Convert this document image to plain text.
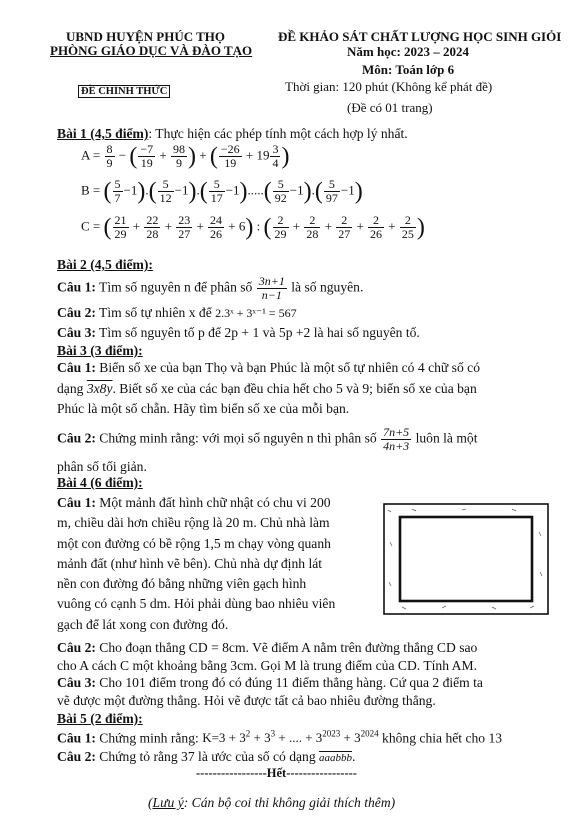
UBND HUYỆN PHÚC THỌ
PHÒNG GIÁO DỤC VÀ ĐÀO TẠO
ĐỀ CHÍNH THỨC
ĐỀ KHẢO SÁT CHẤT LƯỢNG HỌC SINH GIỎI
Năm học: 2023 – 2024
Môn: Toán lớp 6
Thời gian: 120 phút (Không kể phát đề)
(Đề có 01 trang)
Bài 1 (4,5 điểm): Thực hiện các phép tính một cách hợp lý nhất.
$A = \frac{8}{9}$ − ( $\frac{-7}{19} + \frac{98}{9}$ ) + ( $\frac{-26}{19} + 19 \frac{3}{4}$ )
B = ( $\frac{5}{7} -1).( \frac{5}{12} -1).( \frac{5}{17} -1).....( \frac{5}{92} -1).( \frac{5}{97} -1)$
C = ( $\frac{21}{29} + \frac{22}{28} + \frac{23}{27} + \frac{24}{26} + 6$) : ( $\frac{2}{29} + \frac{2}{28} + \frac{2}{27} + \frac{2}{26} + \frac{2}{25}$ )
Bài 2 (4,5 điểm):
Câu 1: Tìm số nguyên n để phân số $\frac{3n+1}{n-1}$ là số nguyên.
Câu 2: Tìm số tự nhiên x để 2.3ˣ + 3ˣ⁻¹ = 567
Câu 3: Tìm số nguyên tố p để 2p + 1 và 5p +2 là hai số nguyên tố.
Bài 3 (3 điểm):
Câu 1: Biển số xe của bạn Thọ và bạn Phúc là một số tự nhiên có 4 chữ số có
dạng 3x8y. Biết số xe của các bạn đều chia hết cho 5 và 9; biển số xe của bạn
Phúc là một số chẵn. Hãy tìm biển số xe của mỗi bạn.
Câu 2: Chứng minh rằng: với mọi số nguyên n thì phân số $\frac{7n+5}{4n+3}$ luôn là một
phân số tối giản.
Bài 4 (6 điểm):
Câu 1: Một mảnh đất hình chữ nhật có chu vi 200
m, chiều dài hơn chiều rộng là 20 m. Chủ nhà làm
một con đường có bề rộng 1,5 m chạy vòng quanh
mảnh đất (như hình vẽ bên). Chủ nhà dự định lát
nền con đường đó bằng những viên gạch hình
vuông có cạnh 5 dm. Hỏi phải dùng bao nhiêu viên
gạch để lát xong con đường đó.
Câu 2: Cho đoạn thẳng CD = 8cm. Vẽ điểm A nằm trên đường thẳng CD sao
cho A cách C một khoảng bằng 3cm. Gọi M là trung điểm của CD. Tính AM.
Câu 3: Cho 101 điểm trong đó có đúng 11 điểm thẳng hàng. Cứ qua 2 điểm ta
vẽ được một đường thẳng. Hỏi vẽ được tất cả bao nhiêu đường thẳng.
Bài 5 (2 điểm):
Câu 1: Chứng minh rằng: $K=3 + 3^2 + 3^3$ + .... + $3^{2023} + 3^{2024}$ không chia hết cho 13
Câu 2: Chứng tỏ rằng 37 là ước của số có dạng aaabbb.
-----------------Hết-----------------
(Lưu ý: Cán bộ coi thi không giải thích thêm)
